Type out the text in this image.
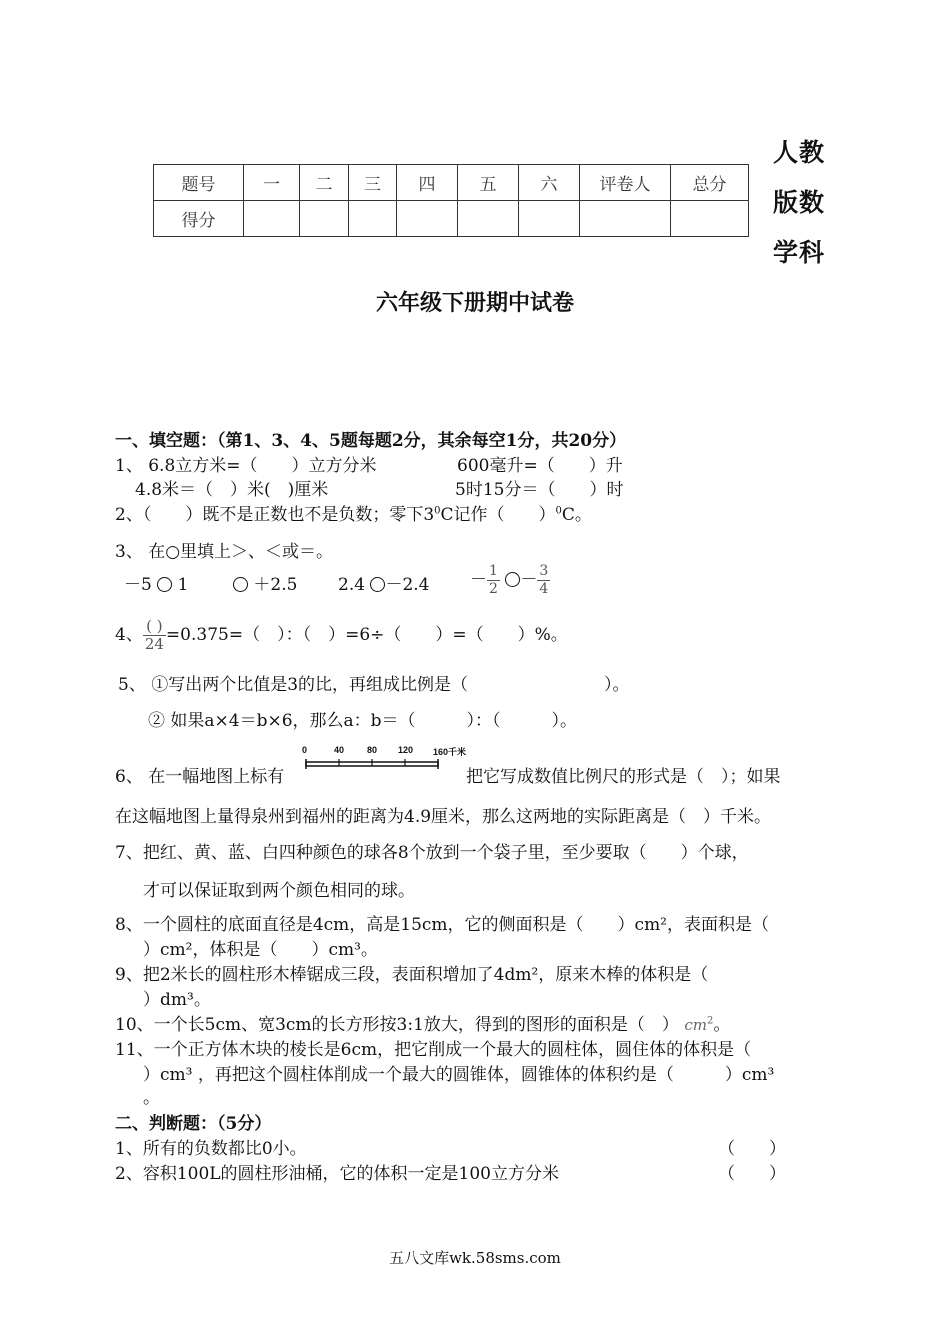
题号	一	二	三	四	五	六	评卷人	总分
得分								
人教
版数
学科
六年级下册期中试卷
一、填空题：（第1、3、4、5题每题2分，其余每空1分，共20分）
1、 6.8立方米=（　　）立方分米	600毫升=（　　）升
4.8米＝（　）米(　)厘米	5时15分＝（　　）时
2、（　　）既不是正数也不是负数；零下$3^0C$记作（　　）$^0$C。
3、 在○里填上＞、＜或＝。
－5 1	＋2.5 $2.4 -2.4 - \frac{1}{2} - \frac{3}{4}$
4、 $\frac{( )}{24} =0.375=$（　）：（　）=6÷（　　）=（　　）%。
5、 ①写出两个比值是3的比，再组成比例是（　　　　　　　　）。
② 如果a×4＝b×6，那么a：b＝（　　　）：（　　　）。
6、 在一幅地图上标有
0	40	80 120 160千米
把它写成数值比例尺的形式是（　）；如果
在这幅地图上量得泉州到福州的距离为4.9厘米，那么这两地的实际距离是（　）千米。
7、把红、黄、蓝、白四种颜色的球各8个放到一个袋子里，至少要取（　　）个球，
才可以保证取到两个颜色相同的球。
8、一个圆柱的底面直径是4cm，高是15cm，它的侧面积是（　　）cm²，表面积是（
）cm²，体积是（　　）cm³。
9、把2米长的圆柱形木棒锯成三段，表面积增加了4dm²，原来木棒的体积是（
）dm³。
10、一个长5cm、宽3cm的长方形按3:1放大，得到的图形的面积是（　） $cm^2$。
11、一个正方体木块的棱长是6cm，把它削成一个最大的圆柱体，圆住体的体积是（
）cm³ ，再把这个圆柱体削成一个最大的圆锥体，圆锥体的体积约是（　　　）cm³
。
二、判断题：（5分）
1、所有的负数都比0小。	（　　）
2、容积100L的圆柱形油桶，它的体积一定是100立方分米	（　　）
五八文库wk.58sms.com
